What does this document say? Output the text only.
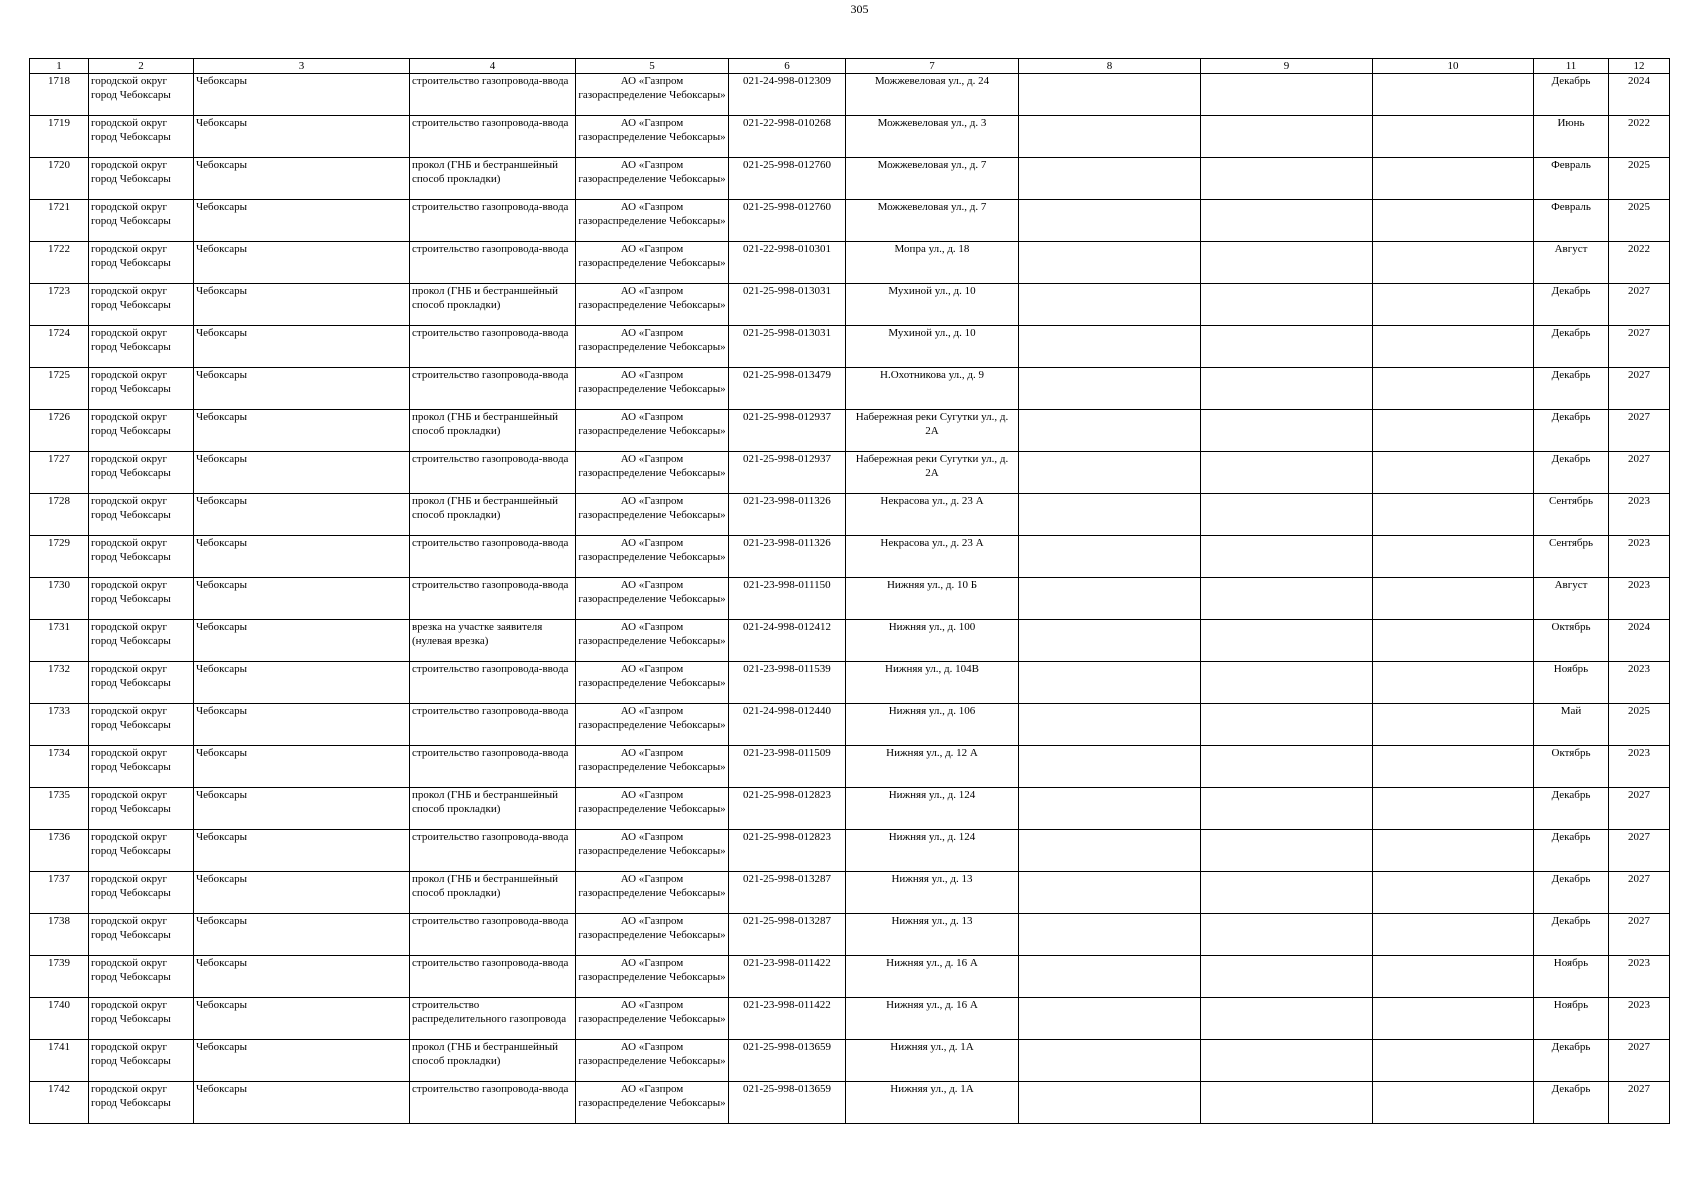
305
1	2	3	4	5	6	7	8	9	10	11	12

1718	городской округ город Чебоксары	Чебоксары	строительство газопровода-ввода	АО «Газпром газораспределение Чебоксары»	021-24-998-012309	Можжевеловая ул., д. 24				Декабрь	2024

1719	городской округ город Чебоксары	Чебоксары	строительство газопровода-ввода	АО «Газпром газораспределение Чебоксары»	021-22-998-010268	Можжевеловая ул., д. 3				Июнь	2022

1720	городской округ город Чебоксары	Чебоксары	прокол (ГНБ и бестраншейный способ прокладки)	АО «Газпром газораспределение Чебоксары»	021-25-998-012760	Можжевеловая ул., д. 7				Февраль	2025

1721	городской округ город Чебоксары	Чебоксары	строительство газопровода-ввода	АО «Газпром газораспределение Чебоксары»	021-25-998-012760	Можжевеловая ул., д. 7				Февраль	2025

1722	городской округ город Чебоксары	Чебоксары	строительство газопровода-ввода	АО «Газпром газораспределение Чебоксары»	021-22-998-010301	Мопра ул., д. 18				Август	2022

1723	городской округ город Чебоксары	Чебоксары	прокол (ГНБ и бестраншейный способ прокладки)	АО «Газпром газораспределение Чебоксары»	021-25-998-013031	Мухиной ул., д. 10				Декабрь	2027

1724	городской округ город Чебоксары	Чебоксары	строительство газопровода-ввода	АО «Газпром газораспределение Чебоксары»	021-25-998-013031	Мухиной ул., д. 10				Декабрь	2027

1725	городской округ город Чебоксары	Чебоксары	строительство газопровода-ввода	АО «Газпром газораспределение Чебоксары»	021-25-998-013479	Н.Охотникова ул., д. 9				Декабрь	2027

1726	городской округ город Чебоксары	Чебоксары	прокол (ГНБ и бестраншейный способ прокладки)	АО «Газпром газораспределение Чебоксары»	021-25-998-012937	Набережная реки Сугутки ул., д. 2А				Декабрь	2027

1727	городской округ город Чебоксары	Чебоксары	строительство газопровода-ввода	АО «Газпром газораспределение Чебоксары»	021-25-998-012937	Набережная реки Сугутки ул., д. 2А				Декабрь	2027

1728	городской округ город Чебоксары	Чебоксары	прокол (ГНБ и бестраншейный способ прокладки)	АО «Газпром газораспределение Чебоксары»	021-23-998-011326	Некрасова ул., д. 23 А				Сентябрь	2023

1729	городской округ город Чебоксары	Чебоксары	строительство газопровода-ввода	АО «Газпром газораспределение Чебоксары»	021-23-998-011326	Некрасова ул., д. 23 А				Сентябрь	2023

1730	городской округ город Чебоксары	Чебоксары	строительство газопровода-ввода	АО «Газпром газораспределение Чебоксары»	021-23-998-011150	Нижняя ул., д. 10 Б				Август	2023

1731	городской округ город Чебоксары	Чебоксары	врезка на участке заявителя (нулевая врезка)	АО «Газпром газораспределение Чебоксары»	021-24-998-012412	Нижняя ул., д. 100				Октябрь	2024

1732	городской округ город Чебоксары	Чебоксары	строительство газопровода-ввода	АО «Газпром газораспределение Чебоксары»	021-23-998-011539	Нижняя ул., д. 104В				Ноябрь	2023

1733	городской округ город Чебоксары	Чебоксары	строительство газопровода-ввода	АО «Газпром газораспределение Чебоксары»	021-24-998-012440	Нижняя ул., д. 106				Май	2025

1734	городской округ город Чебоксары	Чебоксары	строительство газопровода-ввода	АО «Газпром газораспределение Чебоксары»	021-23-998-011509	Нижняя ул., д. 12 А				Октябрь	2023

1735	городской округ город Чебоксары	Чебоксары	прокол (ГНБ и бестраншейный способ прокладки)	АО «Газпром газораспределение Чебоксары»	021-25-998-012823	Нижняя ул., д. 124				Декабрь	2027

1736	городской округ город Чебоксары	Чебоксары	строительство газопровода-ввода	АО «Газпром газораспределение Чебоксары»	021-25-998-012823	Нижняя ул., д. 124				Декабрь	2027

1737	городской округ город Чебоксары	Чебоксары	прокол (ГНБ и бестраншейный способ прокладки)	АО «Газпром газораспределение Чебоксары»	021-25-998-013287	Нижняя ул., д. 13				Декабрь	2027

1738	городской округ город Чебоксары	Чебоксары	строительство газопровода-ввода	АО «Газпром газораспределение Чебоксары»	021-25-998-013287	Нижняя ул., д. 13				Декабрь	2027

1739	городской округ город Чебоксары	Чебоксары	строительство газопровода-ввода	АО «Газпром газораспределение Чебоксары»	021-23-998-011422	Нижняя ул., д. 16 А				Ноябрь	2023

1740	городской округ город Чебоксары	Чебоксары	строительство распределительного газопровода	АО «Газпром газораспределение Чебоксары»	021-23-998-011422	Нижняя ул., д. 16 А				Ноябрь	2023

1741	городской округ город Чебоксары	Чебоксары	прокол (ГНБ и бестраншейный способ прокладки)	АО «Газпром газораспределение Чебоксары»	021-25-998-013659	Нижняя ул., д. 1А				Декабрь	2027

1742	городской округ город Чебоксары	Чебоксары	строительство газопровода-ввода	АО «Газпром газораспределение Чебоксары»	021-25-998-013659	Нижняя ул., д. 1А				Декабрь	2027
